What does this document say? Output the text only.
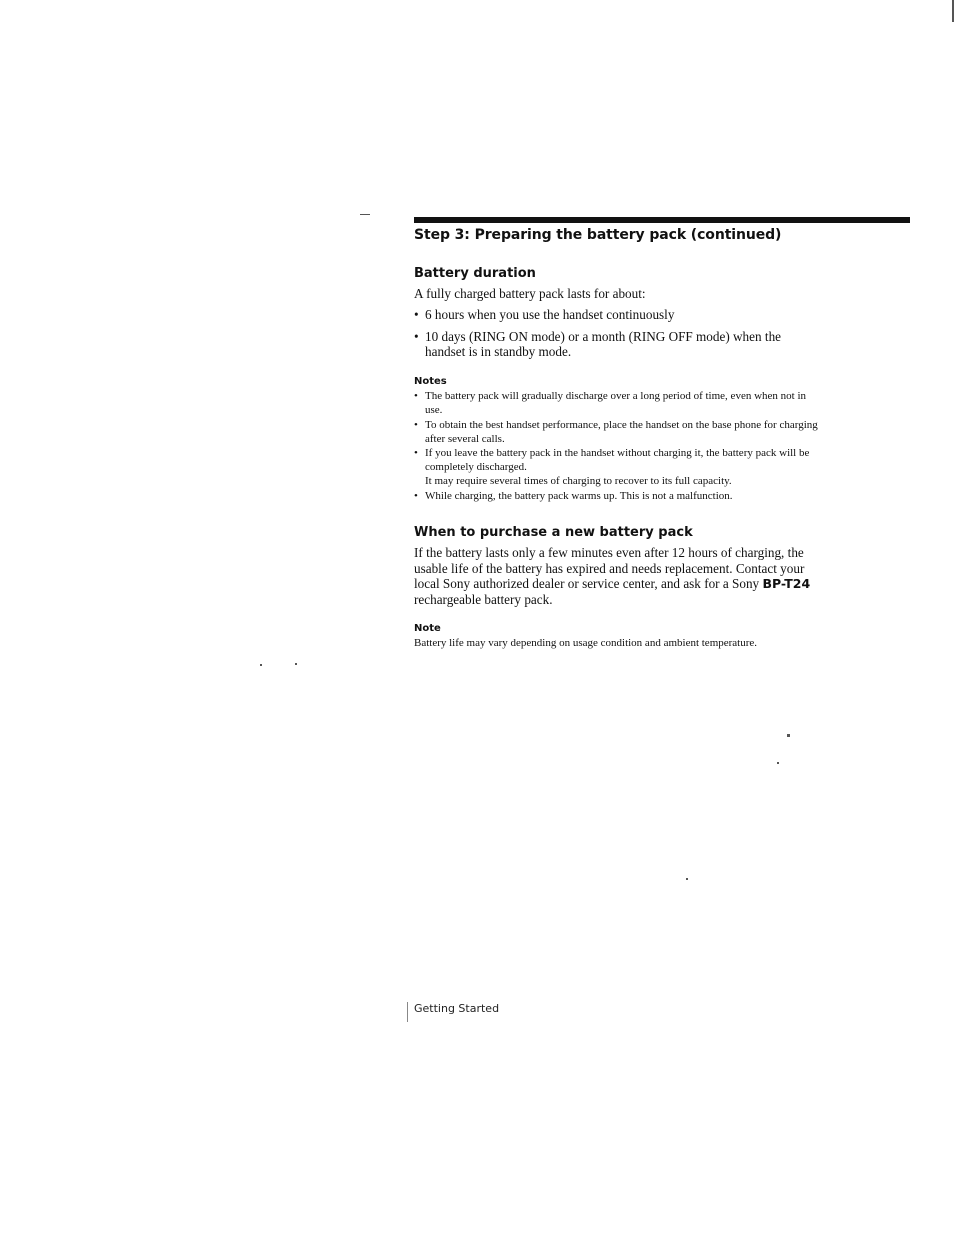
Step 3: Preparing the battery pack (continued)
Battery duration

A fully charged battery pack lasts for about:

• 6 hours when you use the handset continuously
• 10 days (RING ON mode) or a month (RING OFF mode) when the handset is in standby mode.

Notes

• The battery pack will gradually discharge over a long period of time, even when not in use.
• To obtain the best handset performance, place the handset on the base phone for charging after several calls.
• If you leave the battery pack in the handset without charging it, the battery pack will be completely discharged.
It may require several times of charging to recover to its full capacity.
• While charging, the battery pack warms up. This is not a malfunction.
When to purchase a new battery pack

If the battery lasts only a few minutes even after 12 hours of charging, the usable life of the battery has expired and needs replacement. Contact your local Sony authorized dealer or service center, and ask for a Sony BP-T24 rechargeable battery pack.

Note

Battery life may vary depending on usage condition and ambient temperature.

Getting Started
